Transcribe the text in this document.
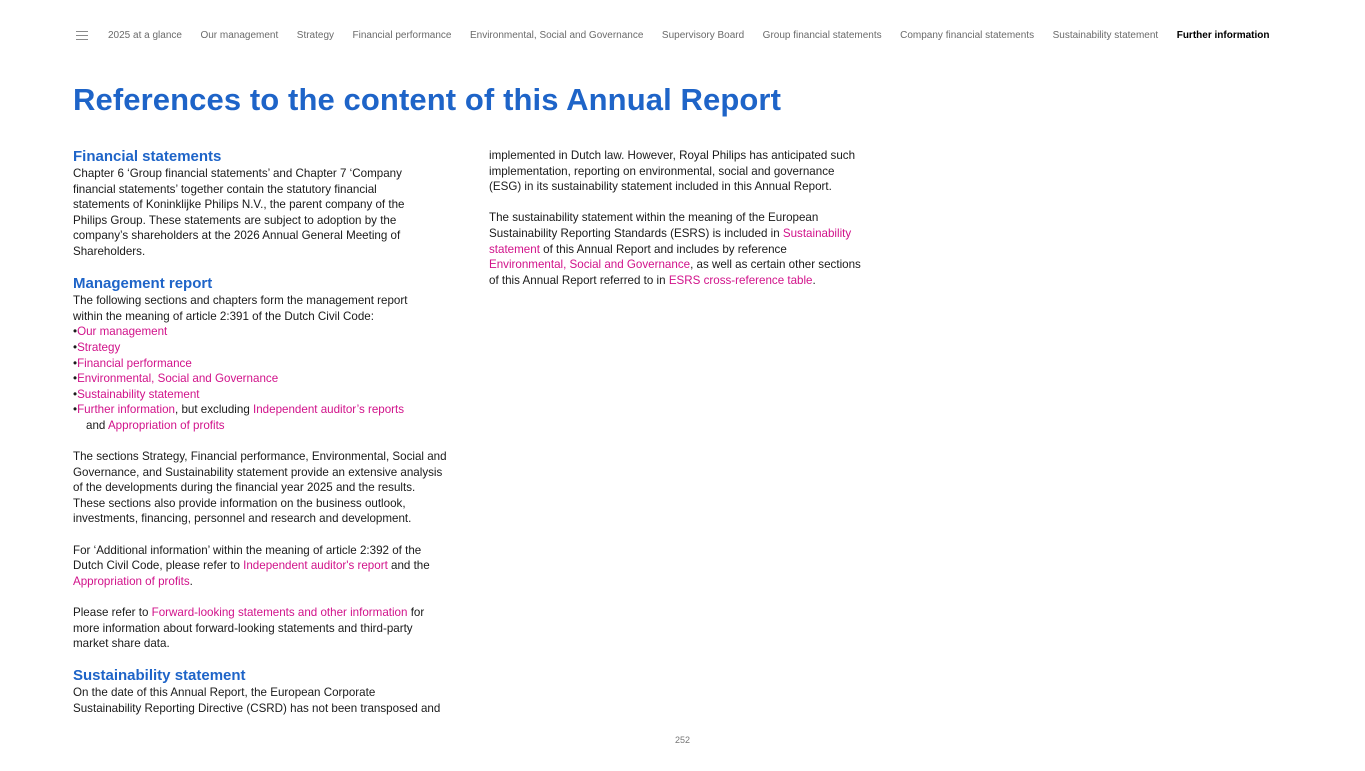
2025 at a glance Our management Strategy Financial performance Environmental, Social and Governance Supervisory Board Group financial statements Company financial statements Sustainability statement Further information
References to the content of this Annual Report
Financial statements
Chapter 6 ‘Group financial statements’ and Chapter 7 ‘Company
financial statements’ together contain the statutory financial
statements of Koninklijke Philips N.V., the parent company of the
Philips Group. These statements are subject to adoption by the
company’s shareholders at the 2026 Annual General Meeting of
Shareholders.
Management report
The following sections and chapters form the management report
within the meaning of article 2:391 of the Dutch Civil Code:
•Our management
•Strategy
•Financial performance
•Environmental, Social and Governance
•Sustainability statement
•Further information, but excluding Independent auditor’s reports
and Appropriation of profits
The sections Strategy, Financial performance, Environmental, Social and
Governance, and Sustainability statement provide an extensive analysis
of the developments during the financial year 2025 and the results.
These sections also provide information on the business outlook,
investments, financing, personnel and research and development.
For ‘Additional information’ within the meaning of article 2:392 of the
Dutch Civil Code, please refer to Independent auditor's report and the
Appropriation of profits.
Please refer to Forward-looking statements and other information for
more information about forward-looking statements and third-party
market share data.
Sustainability statement
On the date of this Annual Report, the European Corporate
Sustainability Reporting Directive (CSRD) has not been transposed and
implemented in Dutch law. However, Royal Philips has anticipated such
implementation, reporting on environmental, social and governance
(ESG) in its sustainability statement included in this Annual Report.
The sustainability statement within the meaning of the European
Sustainability Reporting Standards (ESRS) is included in Sustainability
statement of this Annual Report and includes by reference
Environmental, Social and Governance, as well as certain other sections
of this Annual Report referred to in ESRS cross-reference table.
252
